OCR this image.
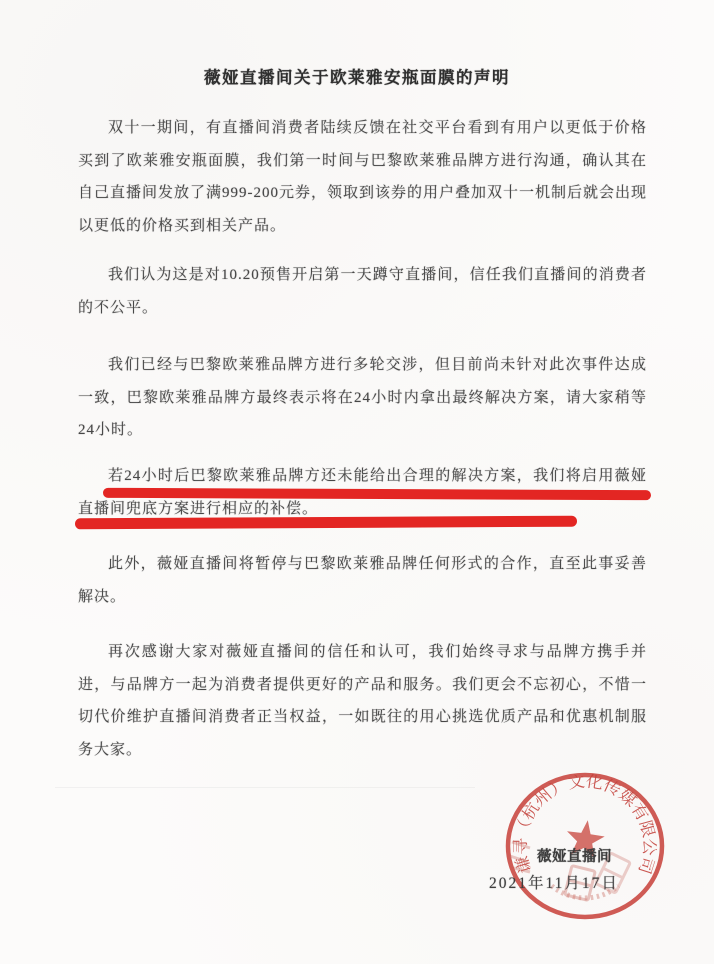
薇娅直播间关于欧莱雅安瓶面膜的声明

双十一期间，有直播间消费者陆续反馈在社交平台看到有用户以更低于价格买到了欧莱雅安瓶面膜，我们第一时间与巴黎欧莱雅品牌方进行沟通，确认其在自己直播间发放了满999-200元券，领取到该券的用户叠加双十一机制后就会出现以更低的价格买到相关产品。

我们认为这是对10.20预售开启第一天蹲守直播间，信任我们直播间的消费者的不公平。

我们已经与巴黎欧莱雅品牌方进行多轮交涉，但目前尚未针对此次事件达成一致，巴黎欧莱雅品牌方最终表示将在24小时内拿出最终解决方案，请大家稍等24小时。

若24小时后巴黎欧莱雅品牌方还未能给出合理的解决方案，我们将启用薇娅直播间兜底方案进行相应的补偿。

此外，薇娅直播间将暂停与巴黎欧莱雅品牌任何形式的合作，直至此事妥善解决。

再次感谢大家对薇娅直播间的信任和认可，我们始终寻求与品牌方携手并进，与品牌方一起为消费者提供更好的产品和服务。我们更会不忘初心，不惜一切代价维护直播间消费者正当权益，一如既往的用心挑选优质产品和优惠机制服务大家。

谦寻（杭州）文化传媒有限公司
薇娅直播间
2021年11月17日
